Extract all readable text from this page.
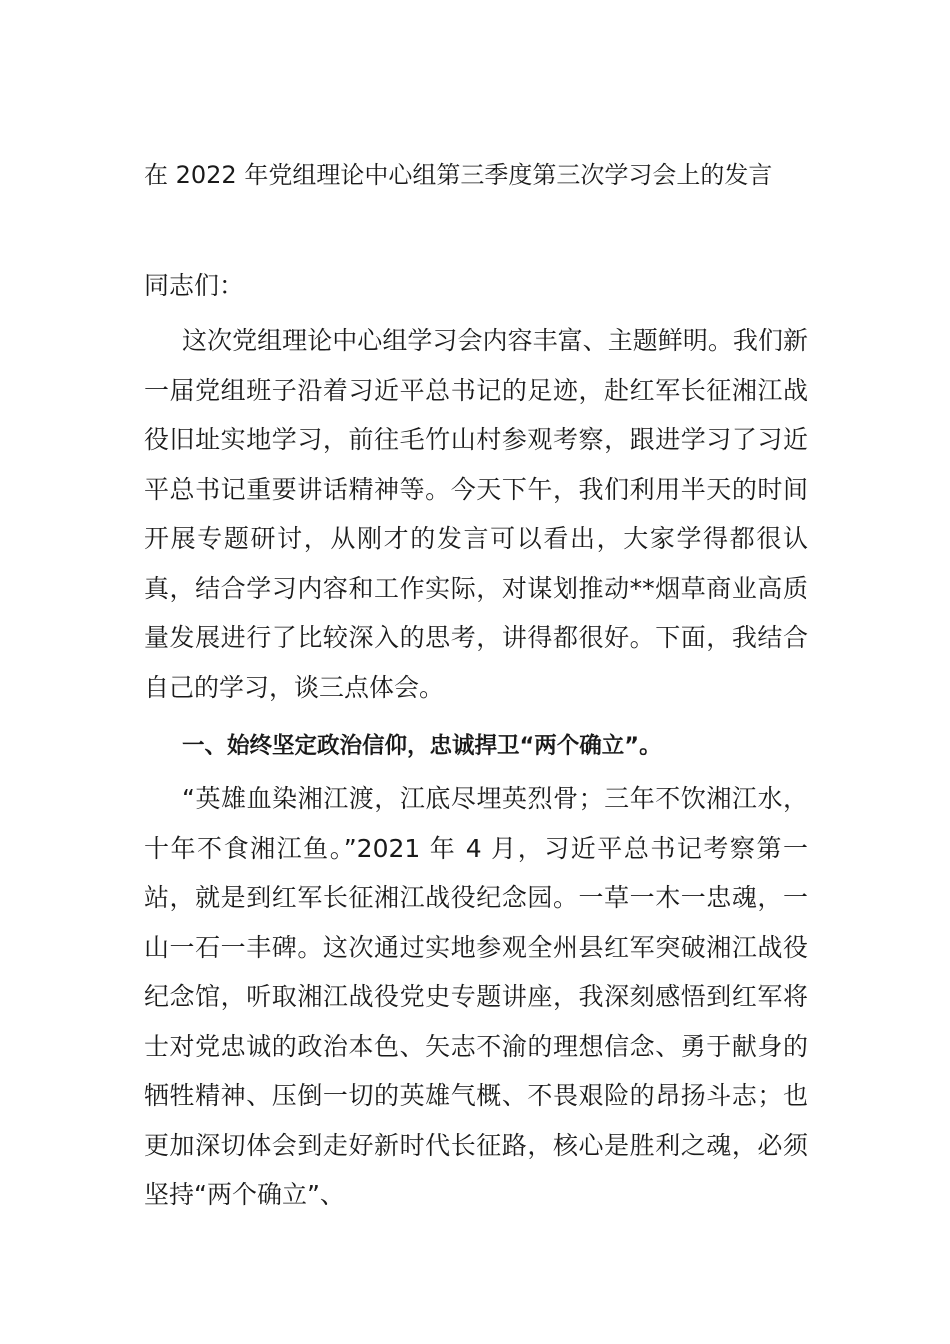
在 2022 年党组理论中心组第三季度第三次学习会上的发言

同志们：

这次党组理论中心组学习会内容丰富、主题鲜明。我们新一届党组班子沿着习近平总书记的足迹，赴红军长征湘江战役旧址实地学习，前往毛竹山村参观考察，跟进学习了习近平总书记重要讲话精神等。今天下午，我们利用半天的时间开展专题研讨，从刚才的发言可以看出，大家学得都很认真，结合学习内容和工作实际，对谋划推动**烟草商业高质量发展进行了比较深入的思考，讲得都很好。下面，我结合自己的学习，谈三点体会。

一、始终坚定政治信仰，忠诚捍卫“两个确立”。

“英雄血染湘江渡，江底尽埋英烈骨；三年不饮湘江水，十年不食湘江鱼。”2021 年 4 月，习近平总书记考察第一站，就是到红军长征湘江战役纪念园。一草一木一忠魂，一山一石一丰碑。这次通过实地参观全州县红军突破湘江战役纪念馆，听取湘江战役党史专题讲座，我深刻感悟到红军将士对党忠诚的政治本色、矢志不渝的理想信念、勇于献身的牺牲精神、压倒一切的英雄气概、不畏艰险的昂扬斗志；也更加深切体会到走好新时代长征路，核心是胜利之魂，必须坚持“两个确立”、
